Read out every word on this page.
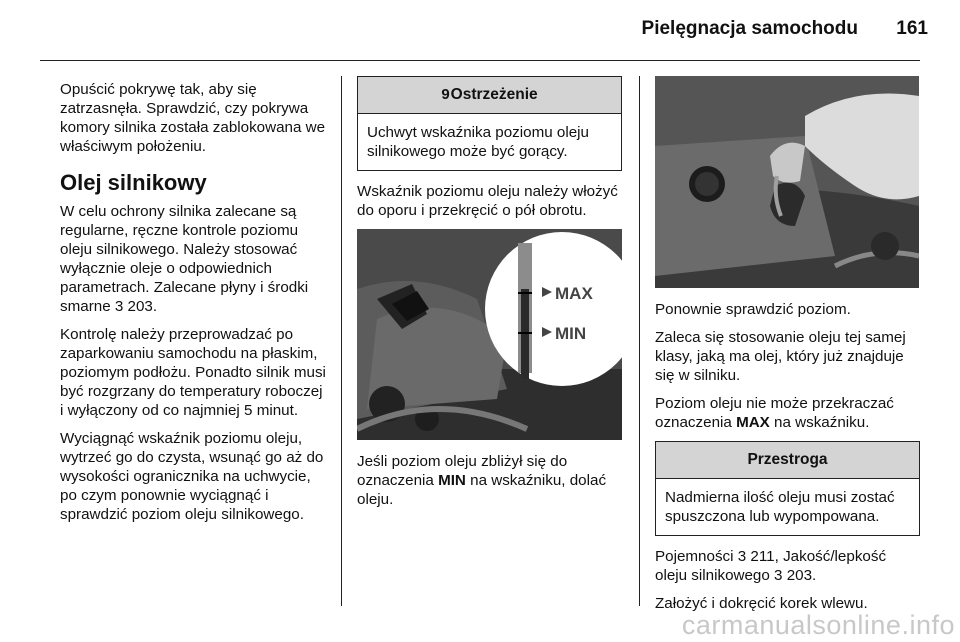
Pielęgnacja samochodu	161

Opuścić pokrywę tak, aby się zatrzasnęła. Sprawdzić, czy pokrywa komory silnika została zablokowana we właściwym położeniu.

Olej silnikowy

W celu ochrony silnika zalecane są regularne, ręczne kontrole poziomu oleju silnikowego. Należy stosować wyłącznie oleje o odpowiednich parametrach. Zalecane płyny i środki smarne 3 203.

Kontrolę należy przeprowadzać po zaparkowaniu samochodu na płaskim, poziomym podłożu. Ponadto silnik musi być rozgrzany do temperatury roboczej i wyłączony od co najmniej 5 minut.

Wyciągnąć wskaźnik poziomu oleju, wytrzeć go do czysta, wsunąć go aż do wysokości ogranicznika na uchwycie, po czym ponownie wyciągnąć i sprawdzić poziom oleju silnikowego.

9Ostrzeżenie
Uchwyt wskaźnika poziomu oleju silnikowego może być gorący.

Wskaźnik poziomu oleju należy włożyć do oporu i przekręcić o pół obrotu.

MAX
MIN

Jeśli poziom oleju zbliżył się do oznaczenia MIN na wskaźniku, dolać oleju.

Ponownie sprawdzić poziom.

Zaleca się stosowanie oleju tej samej klasy, jaką ma olej, który już znajduje się w silniku.

Poziom oleju nie może przekraczać oznaczenia MAX na wskaźniku.

Przestroga
Nadmierna ilość oleju musi zostać spuszczona lub wypompowana.

Pojemności 3 211, Jakość/lepkość oleju silnikowego 3 203.

Założyć i dokręcić korek wlewu.

carmanualsonline.info
